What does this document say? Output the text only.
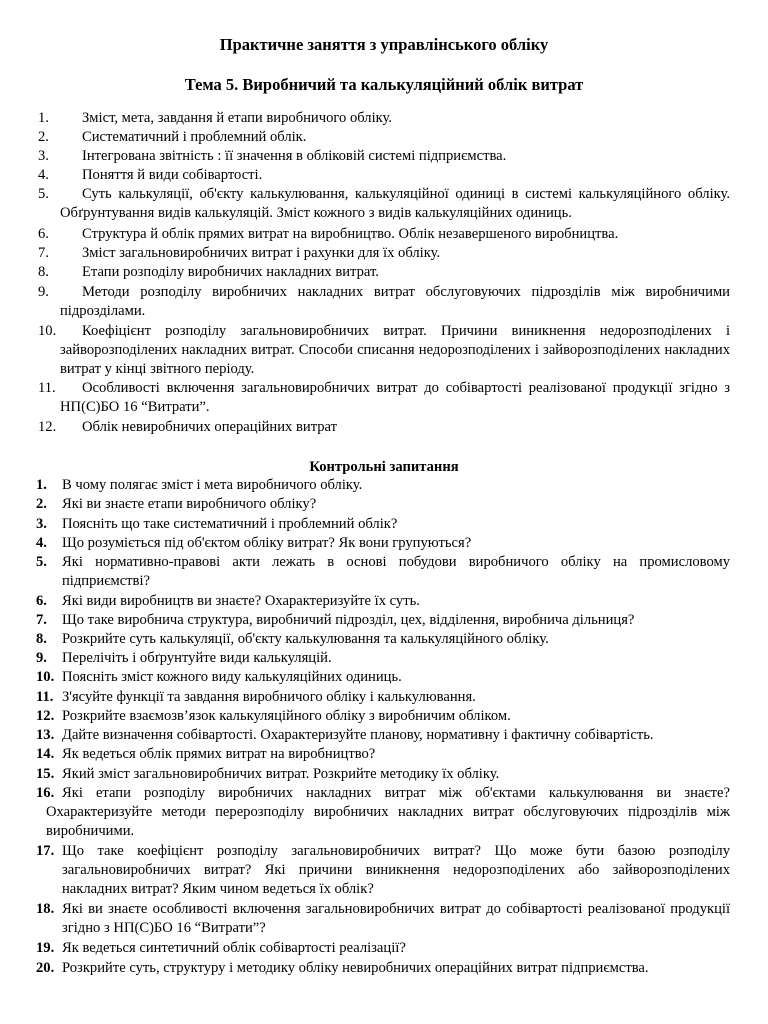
Практичне заняття з управлінського обліку
Тема 5. Виробничий та калькуляційний облік витрат
1.	Зміст, мета, завдання й етапи виробничого обліку.
2.	Систематичний і проблемний облік.
3.	Інтегрована звітність : її значення в обліковій системі підприємства.
4.	Поняття й види собівартості.
5.	Суть калькуляції, об'єкту калькулювання, калькуляційної одиниці в системі калькуляційного обліку. Обґрунтування видів калькуляцій. Зміст кожного з видів калькуляційних одиниць.
6.	Структура й облік прямих витрат на виробництво. Облік незавершеного виробництва.
7.	Зміст загальновиробничих витрат і рахунки для їх обліку.
8.	Етапи розподілу виробничих накладних витрат.
9.	Методи розподілу виробничих накладних витрат обслуговуючих підрозділів між виробничими підрозділами.
10.	Коефіцієнт розподілу загальновиробничих витрат. Причини виникнення недорозподілених і зайворозподілених накладних витрат. Способи списання недорозподілених і зайворозподілених накладних витрат у кінці звітного періоду.
11.	Особливості включення загальновиробничих витрат до собівартості реалізованої продукції згідно з НП(С)БО 16 “Витрати”.
12.	Облік невиробничих операційних витрат
Контрольні запитання
1. В чому полягає зміст і мета виробничого обліку.
2. Які ви знаєте етапи виробничого обліку?
3. Поясніть що таке систематичний і проблемний облік?
4. Що розуміється під об'єктом обліку витрат? Як вони групуються?
5. Які нормативно-правові акти лежать в основі побудови виробничого обліку на промисловому підприємстві?
6. Які види виробництв ви знаєте? Охарактеризуйте їх суть.
7. Що таке виробнича структура, виробничий підрозділ, цех, відділення, виробнича дільниця?
8. Розкрийте суть калькуляції, об'єкту калькулювання та калькуляційного обліку.
9. Перелічіть і обґрунтуйте види калькуляцій.
10. Поясніть зміст кожного виду калькуляційних одиниць.
11. З'ясуйте функції та завдання виробничого обліку і калькулювання.
12. Розкрийте взаємозв’язок калькуляційного обліку з виробничим обліком.
13. Дайте визначення собівартості. Охарактеризуйте планову, нормативну і фактичну собівартість.
14. Як ведеться облік прямих витрат на виробництво?
15. Який зміст загальновиробничих витрат. Розкрийте методику їх обліку.
16. Які етапи розподілу виробничих накладних витрат між об'єктами калькулювання ви знаєте? Охарактеризуйте методи перерозподілу виробничих накладних витрат обслуговуючих підрозділів між виробничими.
17. Що таке коефіцієнт розподілу загальновиробничих витрат? Що може бути базою розподілу загальновиробничих витрат? Які причини виникнення недорозподілених або зайворозподілених накладних витрат? Яким чином ведеться їх облік?
18. Які ви знаєте особливості включення загальновиробничих витрат до собівартості реалізованої продукції згідно з НП(С)БО 16 “Витрати”?
19. Як ведеться синтетичний облік собівартості реалізації?
20. Розкрийте суть, структуру і методику обліку невиробничих операційних витрат підприємства.
